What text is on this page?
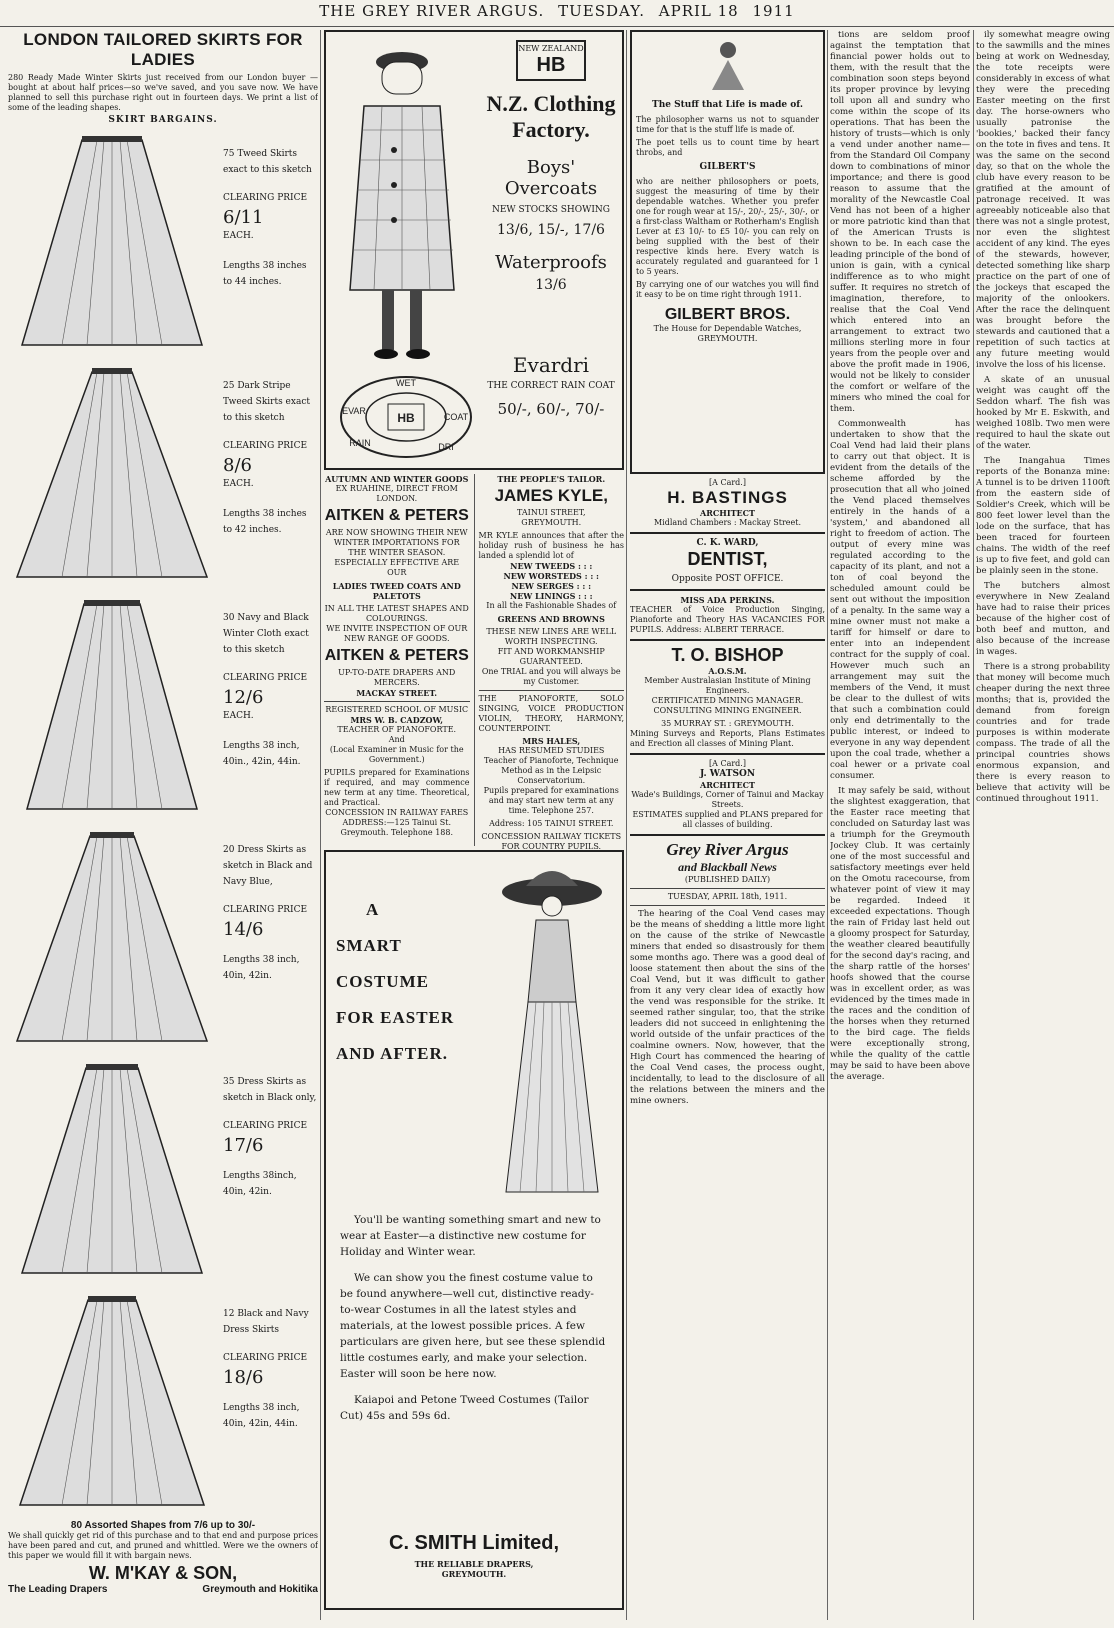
THE GREY RIVER ARGUS. TUESDAY. APRIL 18 1911
LONDON TAILORED SKIRTS FOR LADIES
280 Ready Made Winter Skirts just received from our London buyer —bought at about half prices—so we've saved, and you save now. We have planned to sell this purchase right out in fourteen days. We print a list of some of the leading shapes.
SKIRT BARGAINS.
75 Tweed Skirts exact to this sketch
CLEARING PRICE
6/11
EACH.
Lengths 38 inches to 44 inches.
25 Dark Stripe Tweed Skirts exact to this sketch
CLEARING PRICE
8/6
EACH.
Lengths 38 inches to 42 inches.
30 Navy and Black Winter Cloth exact to this sketch
CLEARING PRICE
12/6
EACH.
Lengths 38 inch, 40in., 42in, 44in.
20 Dress Skirts as sketch in Black and Navy Blue,
CLEARING PRICE
14/6
Lengths 38 inch, 40in, 42in.
35 Dress Skirts as sketch in Black only,
CLEARING PRICE
17/6
Lengths 38inch, 40in, 42in.
12 Black and Navy Dress Skirts
CLEARING PRICE
18/6
Lengths 38 inch, 40in, 42in, 44in.
80 Assorted Shapes from 7/6 up to 30/-
We shall quickly get rid of this purchase and to that end and purpose prices have been pared and cut, and pruned and whittled. Were we the owners of this paper we would fill it with bargain news.
W. M'KAY & SON,
The Leading Drapers	Greymouth and Hokitika
NEW ZEALAND
HB
N.Z. Clothing Factory.
Boys' Overcoats
NEW STOCKS SHOWING
13/6, 15/-, 17/6
Waterproofs
13/6
Evardri
THE CORRECT RAIN COAT
50/-, 60/-, 70/-
HB
WET
COAT
DRI
RAIN
EVAR
AUTUMN AND WINTER GOODS
EX RUAHINE, DIRECT FROM LONDON.
AITKEN & PETERS
ARE NOW SHOWING THEIR NEW WINTER IMPORTATIONS FOR THE WINTER SEASON.
ESPECIALLY EFFECTIVE ARE OUR
LADIES TWEED COATS AND PALETOTS
IN ALL THE LATEST SHAPES AND COLOURINGS.
WE INVITE INSPECTION OF OUR NEW RANGE OF GOODS.
AITKEN & PETERS
UP-TO-DATE DRAPERS AND MERCERS.
MACKAY STREET.
REGISTERED SCHOOL OF MUSIC
MRS W. B. CADZOW,
TEACHER OF PIANOFORTE.
And
(Local Examiner in Music for the Government.)
PUPILS prepared for Examinations if required, and may commence new term at any time. Theoretical, and Practical.
CONCESSION IN RAILWAY FARES
ADDRESS:—125 Tainui St. Greymouth. Telephone 188.
THE PEOPLE'S TAILOR.
JAMES KYLE,
TAINUI STREET,
GREYMOUTH.
MR KYLE announces that after the holiday rush of business he has landed a splendid lot of
NEW TWEEDS : : :
NEW WORSTEDS : : :
NEW SERGES : : :
NEW LININGS : : :
In all the Fashionable Shades of
GREENS AND BROWNS
THESE NEW LINES ARE WELL WORTH INSPECTING.
FIT AND WORKMANSHIP GUARANTEED.
One TRIAL and you will always be my Customer.
THE PIANOFORTE, SOLO SINGING, VOICE PRODUCTION VIOLIN, THEORY, HARMONY, COUNTERPOINT.
MRS HALES,
HAS RESUMED STUDIES
Teacher of Pianoforte, Technique Method as in the Leipsic Conservatorium.
Pupils prepared for examinations and may start new term at any time. Telephone 257.
Address: 105 TAINUI STREET.
CONCESSION RAILWAY TICKETS FOR COUNTRY PUPILS.
A
SMART
COSTUME
FOR EASTER
AND AFTER.

You'll be wanting something smart and new to wear at Easter—a distinctive new costume for Holiday and Winter wear.

We can show you the finest costume value to be found anywhere—well cut, distinctive ready-to-wear Costumes in all the latest styles and materials, at the lowest possible prices. A few particulars are given here, but see these splendid little costumes early, and make your selection. Easter will soon be here now.

Kaiapoi and Petone Tweed Costumes (Tailor Cut) 45s and 59s 6d.

C. SMITH Limited,
THE RELIABLE DRAPERS,
GREYMOUTH.
The Stuff that Life is made of.
The philosopher warns us not to squander time for that is the stuff life is made of.
The poet tells us to count time by heart throbs, and
GILBERT'S
who are neither philosophers or poets, suggest the measuring of time by their dependable watches. Whether you prefer one for rough wear at 15/-, 20/-, 25/-, 30/-, or a first-class Waltham or Rotherham's English Lever at £3 10/- to £5 10/- you can rely on being supplied with the best of their respective kinds here. Every watch is accurately regulated and guaranteed for 1 to 5 years.
By carrying one of our watches you will find it easy to be on time right through 1911.
GILBERT BROS.
The House for Dependable Watches,
GREYMOUTH.
[A Card.]
H. BASTINGS
ARCHITECT
Midland Chambers : Mackay Street.
C. K. WARD,
DENTIST,
Opposite POST OFFICE.
MISS ADA PERKINS.
TEACHER of Voice Production Singing, Pianoforte and Theory HAS VACANCIES FOR PUPILS. Address: ALBERT TERRACE.
T. O. BISHOP
A.O.S.M.
Member Australasian Institute of Mining Engineers.
CERTIFICATED MINING MANAGER. CONSULTING MINING ENGINEER.
35 MURRAY ST. : GREYMOUTH.
Mining Surveys and Reports, Plans Estimates and Erection all classes of Mining Plant.
[A Card.]
J. WATSON
ARCHITECT
Wade's Buildings, Corner of Tainui and Mackay Streets.
ESTIMATES supplied and PLANS prepared for all classes of building.
Grey River Argus
and Blackball News
(PUBLISHED DAILY)
TUESDAY, APRIL 18th, 1911.

The hearing of the Coal Vend cases may be the means of shedding a little more light on the cause of the strike of Newcastle miners that ended so disastrously for them some months ago. There was a good deal of loose statement then about the sins of the Coal Vend, but it was difficult to gather from it any very clear idea of exactly how the vend was responsible for the strike. It seemed rather singular, too, that the strike leaders did not succeed in enlightening the world outside of the unfair practices of the coalmine owners. Now, however, that the High Court has commenced the hearing of the Coal Vend cases, the process ought, incidentally, to lead to the disclosure of all the relations between the miners and the mine owners.

tions are seldom proof against the temptation that financial power holds out to them, with the result that the combination soon steps beyond its proper province by levying toll upon all and sundry who come within the scope of its operations. That has been the history of trusts—which is only a vend under another name—from the Standard Oil Company down to combinations of minor importance; and there is good reason to assume that the morality of the Newcastle Coal Vend has not been of a higher or more patriotic kind than that of the American Trusts is shown to be. In each case the leading principle of the bond of union is gain, with a cynical indifference as to who might suffer. It requires no stretch of imagination, therefore, to realise that the Coal Vend which entered into an arrangement to extract two millions sterling more in four years from the people over and above the profit made in 1906, would not be likely to consider the comfort or welfare of the miners who mined the coal for them.

Commonwealth has undertaken to show that the Coal Vend had laid their plans to carry out that object. It is evident from the details of the scheme afforded by the prosecution that all who joined the Vend placed themselves entirely in the hands of a 'system,' and abandoned all right to freedom of action. The output of every mine was regulated according to the capacity of its plant, and not a ton of coal beyond the scheduled amount could be sent out without the imposition of a penalty. In the same way a mine owner must not make a tariff for himself or dare to enter into an independent contract for the supply of coal. However much such an arrangement may suit the members of the Vend, it must be clear to the dullest of wits that such a combination could only end detrimentally to the public interest, or indeed to everyone in any way dependent upon the coal trade, whether a coal hewer or a private coal consumer.

It may safely be said, without the slightest exaggeration, that the Easter race meeting that concluded on Saturday last was a triumph for the Greymouth Jockey Club. It was certainly one of the most successful and satisfactory meetings ever held on the Omotu racecourse, from whatever point of view it may be regarded. Indeed it exceeded expectations. Though the rain of Friday last held out a gloomy prospect for Saturday, the weather cleared beautifully for the second day's racing, and the sharp rattle of the horses' hoofs showed that the course was in excellent order, as was evidenced by the times made in the races and the condition of the horses when they returned to the bird cage. The fields were exceptionally strong, while the quality of the cattle may be said to have been above the average.

ily somewhat meagre owing to the sawmills and the mines being at work on Wednesday, the tote receipts were considerably in excess of what they were the preceding Easter meeting on the first day. The horse-owners who usually patronise the 'bookies,' backed their fancy on the tote in fives and tens. It was the same on the second day, so that on the whole the club have every reason to be gratified at the amount of patronage received. It was agreeably noticeable also that there was not a single protest, nor even the slightest accident of any kind. The eyes of the stewards, however, detected something like sharp practice on the part of one of the jockeys that escaped the majority of the onlookers. After the race the delinquent was brought before the stewards and cautioned that a repetition of such tactics at any future meeting would involve the loss of his license.

A skate of an unusual weight was caught off the Seddon wharf. The fish was hooked by Mr E. Eskwith, and weighed 108lb. Two men were required to haul the skate out of the water.

The Inangahua Times reports of the Bonanza mine: A tunnel is to be driven 1100ft from the eastern side of Soldier's Creek, which will be 800 feet lower level than the lode on the surface, that has been traced for fourteen chains. The width of the reef is up to five feet, and gold can be plainly seen in the stone.

The butchers almost everywhere in New Zealand have had to raise their prices because of the higher cost of both beef and mutton, and also because of the increase in wages.

There is a strong probability that money will become much cheaper during the next three months; that is, provided the demand from foreign countries and for trade purposes is within moderate compass. The trade of all the principal countries shows enormous expansion, and there is every reason to believe that activity will be continued throughout 1911.
